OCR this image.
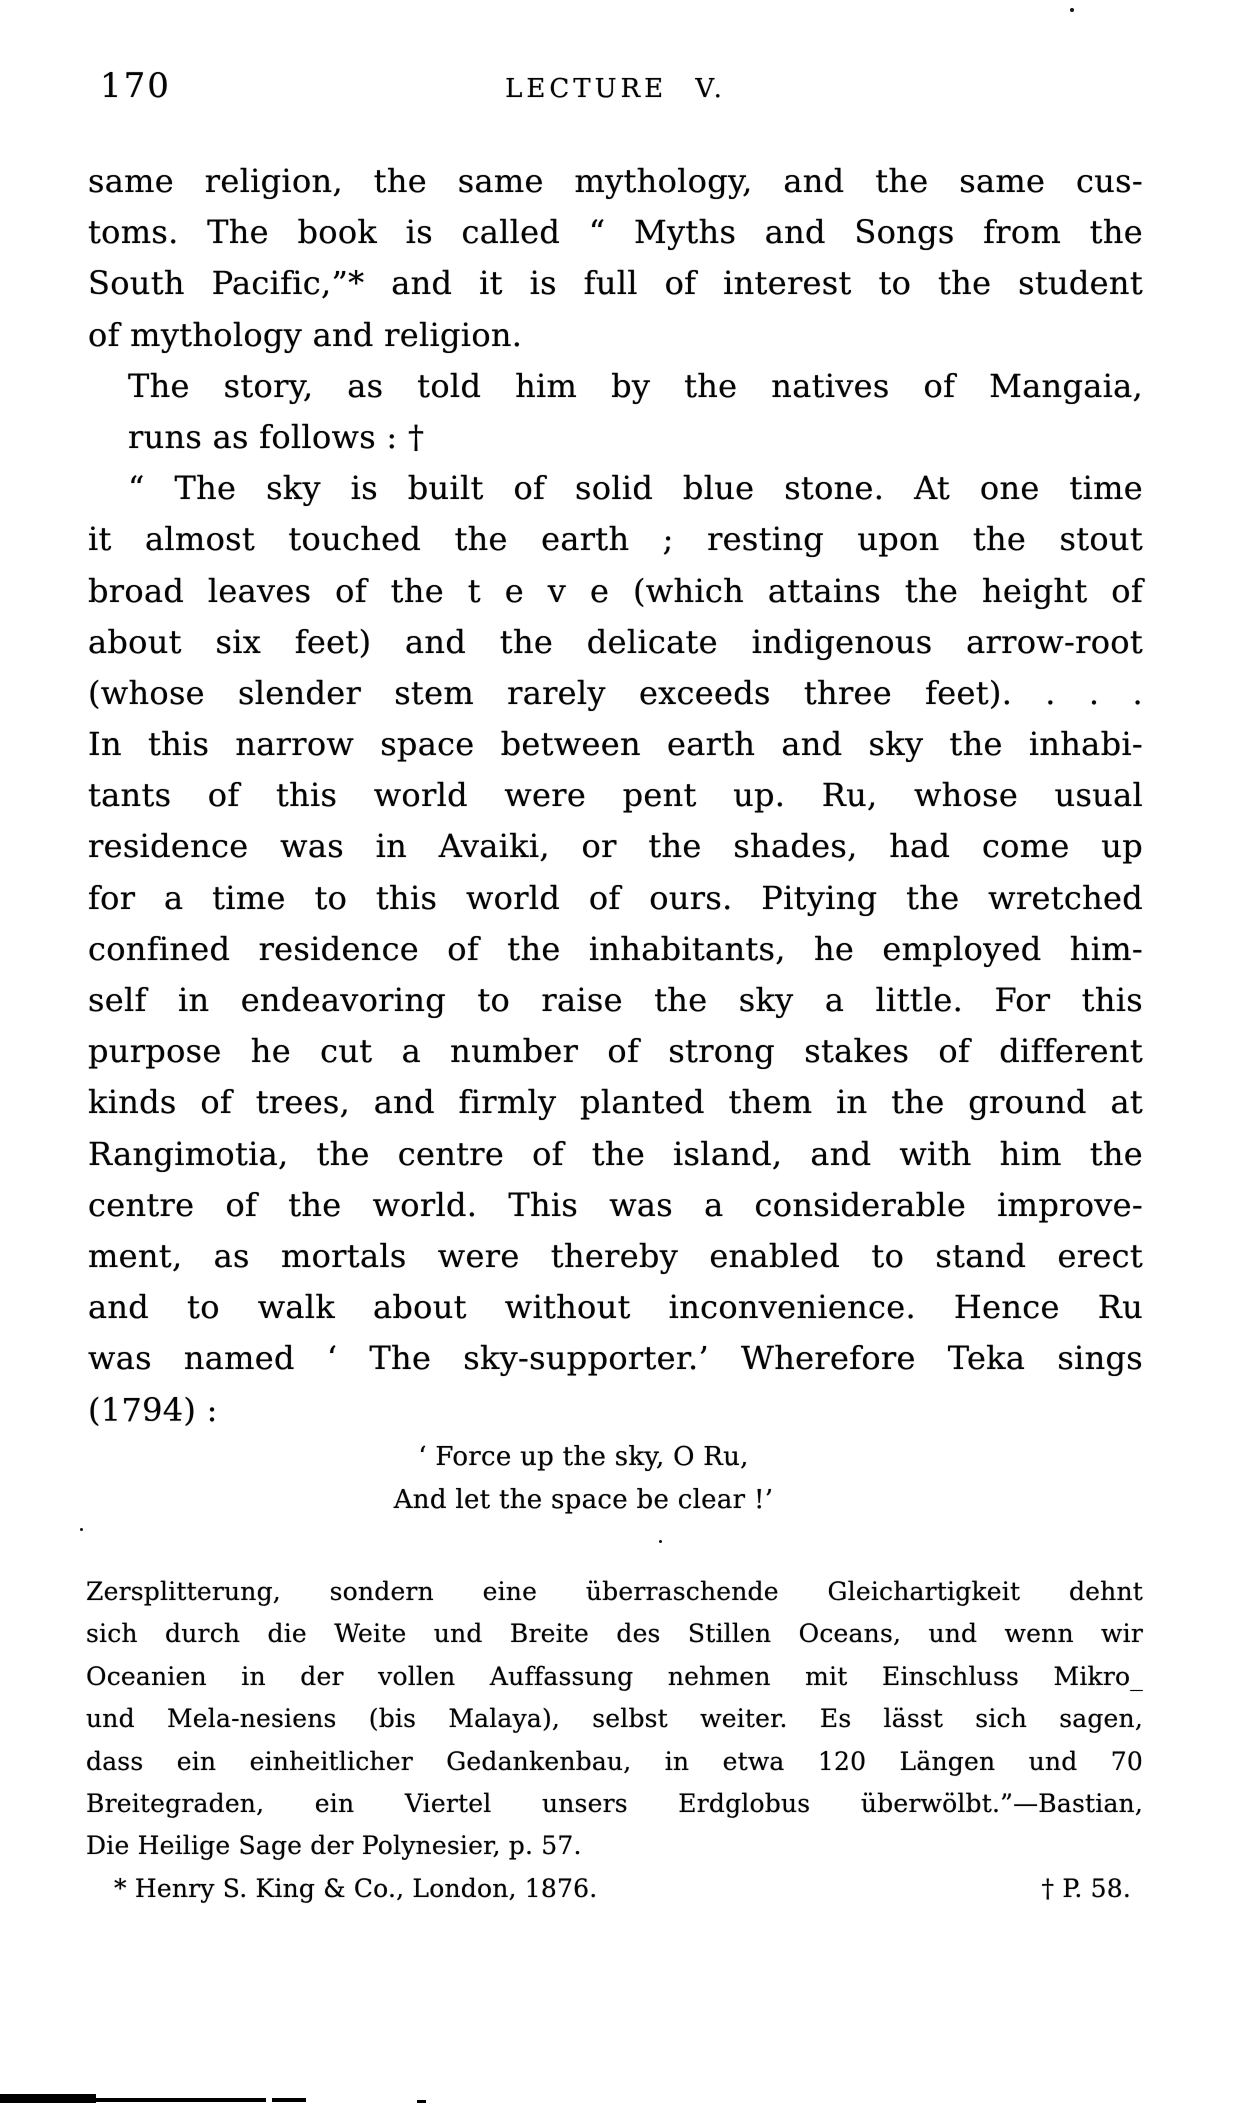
170	LECTURE V.
same religion, the same mythology, and the same cus-
toms. The book is called “ Myths and Songs from the
South Pacific,”* and it is full of interest to the student
of mythology and religion.
The story, as told him by the natives of Mangaia,
runs as follows : †
“ The sky is built of solid blue stone. At one time
it almost touched the earth ; resting upon the stout
broad leaves of the t e v e (which attains the height of
about six feet) and the delicate indigenous arrow-root
(whose slender stem rarely exceeds three feet). . . .
In this narrow space between earth and sky the inhabi-
tants of this world were pent up. Ru, whose usual
residence was in Avaiki, or the shades, had come up
for a time to this world of ours. Pitying the wretched
confined residence of the inhabitants, he employed him-
self in endeavoring to raise the sky a little. For this
purpose he cut a number of strong stakes of different
kinds of trees, and firmly planted them in the ground at
Rangimotia, the centre of the island, and with him the
centre of the world. This was a considerable improve-
ment, as mortals were thereby enabled to stand erect
and to walk about without inconvenience. Hence Ru
was named ‘ The sky-supporter.’ Wherefore Teka sings
(1794) :
‘ Force up the sky, O Ru,
And let the space be clear !’
Zersplitterung, sondern eine überraschende Gleichartigkeit dehnt
sich durch die Weite und Breite des Stillen Oceans, und wenn wir
Oceanien in der vollen Auffassung nehmen mit Einschluss Mikro_
und Mela-nesiens (bis Malaya), selbst weiter. Es lässt sich sagen,
dass ein einheitlicher Gedankenbau, in etwa 120 Längen und 70
Breitegraden, ein Viertel unsers Erdglobus überwölbt.”—Bastian,
Die Heilige Sage der Polynesier, p. 57.
* Henry S. King & Co., London, 1876.	† P. 58.
